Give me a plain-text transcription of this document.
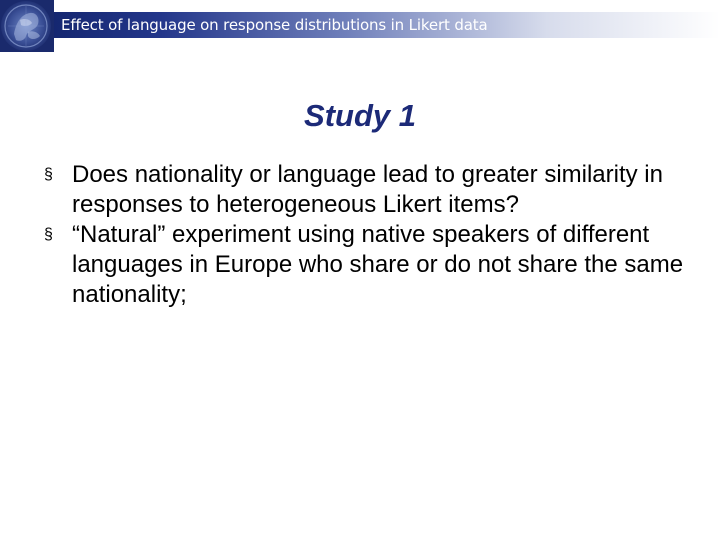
Effect of language on response distributions in Likert data
Study 1
§ Does nationality or language lead to greater similarity in responses to heterogeneous Likert items?
§ “Natural” experiment using native speakers of different languages in Europe who share or do not share the same nationality;
